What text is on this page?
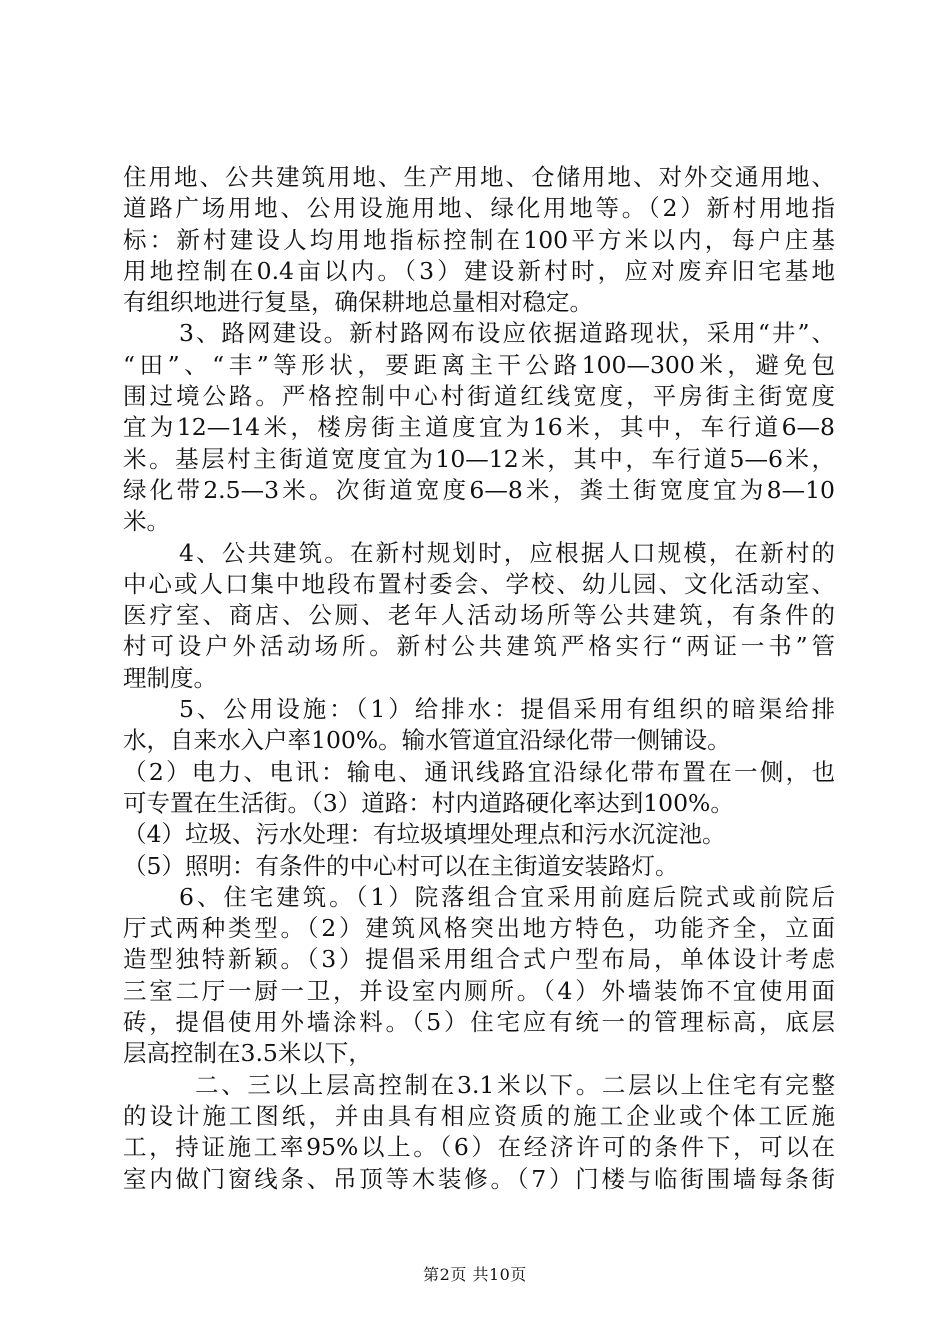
住用地、公共建筑用地、生产用地、仓储用地、对外交通用地、
道路广场用地、公用设施用地、绿化用地等。（2）新村用地指
标：新村建设人均用地指标控制在100平方米以内，每户庄基
用地控制在0.4亩以内。（3）建设新村时，应对废弃旧宅基地
有组织地进行复垦，确保耕地总量相对稳定。
3、路网建设。新村路网布设应依据道路现状，采用“井”、
“田”、“丰”等形状，要距离主干公路100—300米，避免包
围过境公路。严格控制中心村街道红线宽度，平房街主街宽度
宜为12—14米，楼房街主道度宜为16米，其中，车行道6—8
米。基层村主街道宽度宜为10—12米，其中，车行道5—6米，
绿化带2.5—3米。次街道宽度6—8米，粪土街宽度宜为8—10
米。
4、公共建筑。在新村规划时，应根据人口规模，在新村的
中心或人口集中地段布置村委会、学校、幼儿园、文化活动室、
医疗室、商店、公厕、老年人活动场所等公共建筑，有条件的
村可设户外活动场所。新村公共建筑严格实行“两证一书”管
理制度。
5、公用设施：（1）给排水：提倡采用有组织的暗渠给排
水，自来水入户率100%。输水管道宜沿绿化带一侧铺设。
（2）电力、电讯：输电、通讯线路宜沿绿化带布置在一侧，也
可专置在生活街。（3）道路：村内道路硬化率达到100%。
（4）垃圾、污水处理：有垃圾填埋处理点和污水沉淀池。
（5）照明：有条件的中心村可以在主街道安装路灯。
6、住宅建筑。（1）院落组合宜采用前庭后院式或前院后
厅式两种类型。（2）建筑风格突出地方特色，功能齐全，立面
造型独特新颖。（3）提倡采用组合式户型布局，单体设计考虑
三室二厅一厨一卫，并设室内厕所。（4）外墙装饰不宜使用面
砖，提倡使用外墙涂料。（5）住宅应有统一的管理标高，底层
层高控制在3.5米以下，
二、三以上层高控制在3.1米以下。二层以上住宅有完整
的设计施工图纸，并由具有相应资质的施工企业或个体工匠施
工，持证施工率95%以上。（6）在经济许可的条件下，可以在
室内做门窗线条、吊顶等木装修。（7）门楼与临街围墙每条街
第2页 共10页
